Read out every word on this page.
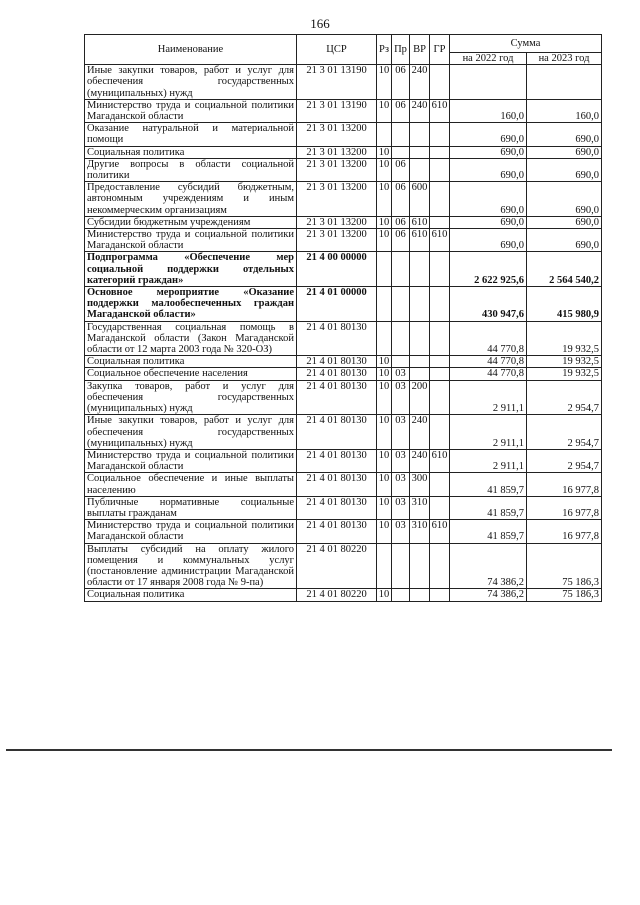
166
Наименование	ЦСР	Рз	Пр	ВР	ГР	Сумма	
						на 2022 год	на 2023 год
Иные закупки товаров, работ и услуг для обеспечения государственных (муниципальных) нужд	21 3 01 13190	10	06	240			
Министерство труда и социальной политики Магаданской области	21 3 01 13190	10	06	240	610	160,0	160,0
Оказание натуральной и материальной помощи	21 3 01 13200					690,0	690,0
Социальная политика	21 3 01 13200	10				690,0	690,0
Другие вопросы в области социальной политики	21 3 01 13200	10	06			690,0	690,0
Предоставление субсидий бюджетным, автономным учреждениям и иным некоммерческим организациям	21 3 01 13200	10	06	600		690,0	690,0
Субсидии бюджетным учреждениям	21 3 01 13200	10	06	610		690,0	690,0
Министерство труда и социальной политики Магаданской области	21 3 01 13200	10	06	610	610	690,0	690,0
Подпрограмма «Обеспечение мер социальной поддержки отдельных категорий граждан»	21 4 00 00000					2 622 925,6	2 564 540,2
Основное мероприятие «Оказание поддержки малообеспеченных граждан Магаданской области»	21 4 01 00000					430 947,6	415 980,9
Государственная социальная помощь в Магаданской области (Закон Магаданской области от 12 марта 2003 года № 320-ОЗ)	21 4 01 80130					44 770,8	19 932,5
Социальная политика	21 4 01 80130	10				44 770,8	19 932,5
Социальное обеспечение населения	21 4 01 80130	10	03			44 770,8	19 932,5
Закупка товаров, работ и услуг для обеспечения государственных (муниципальных) нужд	21 4 01 80130	10	03	200		2 911,1	2 954,7
Иные закупки товаров, работ и услуг для обеспечения государственных (муниципальных) нужд	21 4 01 80130	10	03	240		2 911,1	2 954,7
Министерство труда и социальной политики Магаданской области	21 4 01 80130	10	03	240	610	2 911,1	2 954,7
Социальное обеспечение и иные выплаты населению	21 4 01 80130	10	03	300		41 859,7	16 977,8
Публичные нормативные социальные выплаты гражданам	21 4 01 80130	10	03	310		41 859,7	16 977,8
Министерство труда и социальной политики Магаданской области	21 4 01 80130	10	03	310	610	41 859,7	16 977,8
Выплаты субсидий на оплату жилого помещения и коммунальных услуг (постановление администрации Магаданской области от 17 января 2008 года № 9-па)	21 4 01 80220					74 386,2	75 186,3
Социальная политика	21 4 01 80220	10				74 386,2	75 186,3
